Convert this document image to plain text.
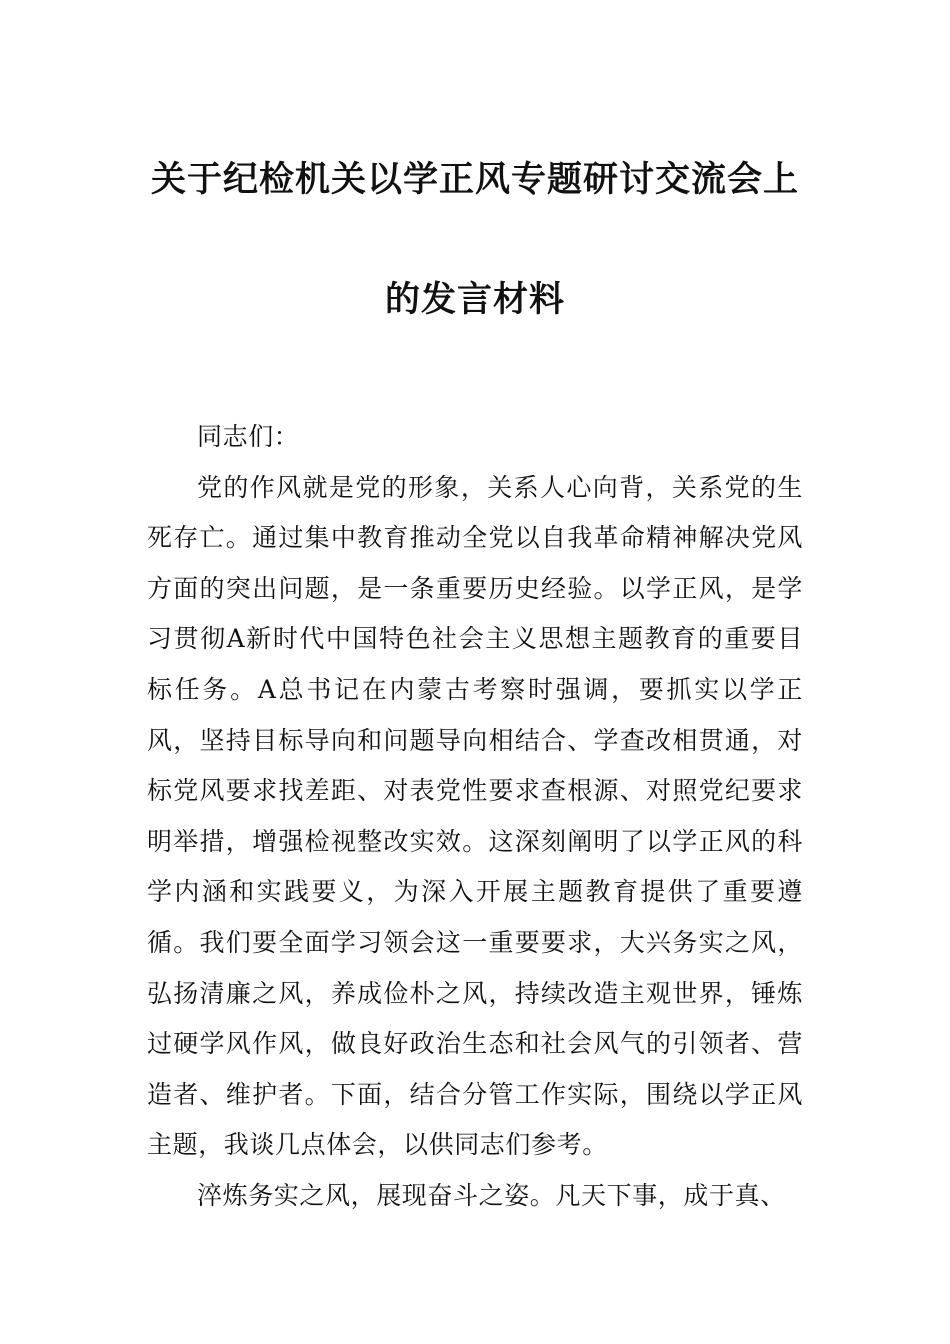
关于纪检机关以学正风专题研讨交流会上
的发言材料

同志们：

党的作风就是党的形象，关系人心向背，关系党的生死存亡。通过集中教育推动全党以自我革命精神解决党风方面的突出问题，是一条重要历史经验。以学正风，是学习贯彻A新时代中国特色社会主义思想主题教育的重要目标任务。A总书记在内蒙古考察时强调，要抓实以学正风，坚持目标导向和问题导向相结合、学查改相贯通，对标党风要求找差距、对表党性要求查根源、对照党纪要求明举措，增强检视整改实效。这深刻阐明了以学正风的科学内涵和实践要义，为深入开展主题教育提供了重要遵循。我们要全面学习领会这一重要要求，大兴务实之风，弘扬清廉之风，养成俭朴之风，持续改造主观世界，锤炼过硬学风作风，做良好政治生态和社会风气的引领者、营造者、维护者。下面，结合分管工作实际，围绕以学正风主题，我谈几点体会，以供同志们参考。

淬炼务实之风，展现奋斗之姿。凡天下事，成于真、
